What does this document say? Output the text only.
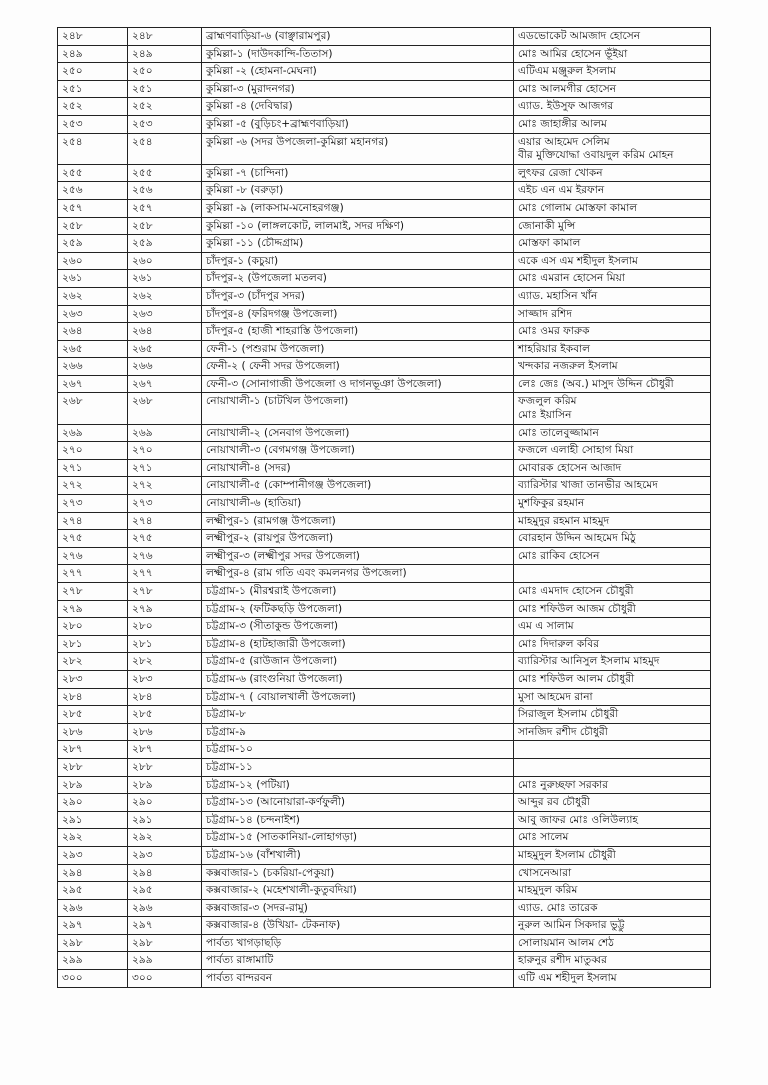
২৪৮	২৪৮	ব্রাহ্মণবাড়িয়া-৬ (বাঞ্ছারামপুর)	এডভোকেট আমজাদ হোসেন

২৪৯	২৪৯	কুমিল্লা-১ (দাউদকান্দি-তিতাস)	মোঃ আমির হোসেন ভূঁইয়া

২৫০	২৫০	কুমিল্লা -২ (হোমনা-মেঘনা)	এটিএম মঞ্জুরুল ইসলাম

২৫১	২৫১	কুমিল্লা-৩ (মুরাদনগর)	মোঃ আলমগীর হোসেন

২৫২	২৫২	কুমিল্লা -৪ (দেবিদ্বার)	এ্যাড. ইউসুফ আজগর

২৫৩	২৫৩	কুমিল্লা -৫ (বুড়িচং+ব্রাহ্মণবাড়িয়া)	মোঃ জাহাঙ্গীর আলম

২৫৪	২৫৪	কুমিল্লা -৬ (সদর উপজেলা-কুমিল্লা মহানগর)	এয়ার আহমেদ সেলিম
বীর মুক্তিযোদ্ধা ওবায়দুল করিম মোহন

২৫৫	২৫৫	কুমিল্লা -৭ (চান্দিনা)	লুৎফর রেজা খোকন

২৫৬	২৫৬	কুমিল্লা -৮ (বরুড়া)	এইচ এন এম ইরফান

২৫৭	২৫৭	কুমিল্লা -৯ (লাকসাম-মনোহরগঞ্জ)	মোঃ গোলাম মোস্তফা কামাল

২৫৮	২৫৮	কুমিল্লা -১০ (লাঙ্গলকোট, লালমাই, সদর দক্ষিণ)	জোনাকী মুন্সি

২৫৯	২৫৯	কুমিল্লা -১১ (চৌদ্দগ্রাম)	মোস্তফা কামাল

২৬০	২৬০	চাঁদপুর-১ (কচুয়া)	একে এস এম শহীদুল ইসলাম

২৬১	২৬১	চাঁদপুর-২ (উপজেলা মতলব)	মোঃ এমরান হোসেন মিয়া

২৬২	২৬২	চাঁদপুর-৩ (চাঁদপুর সদর)	এ্যাড. মহাসিন খাঁন

২৬৩	২৬৩	চাঁদপুর-৪ (ফরিদগঞ্জ উপজেলা)	সাজ্জাদ রশিদ

২৬৪	২৬৪	চাঁদপুর-৫ (হাজী শাহরাস্তি উপজেলা)	মোঃ ওমর ফারুক

২৬৫	২৬৫	ফেনী-১ (পশুরাম উপজেলা)	শাহরিয়ার ইকবাল

২৬৬	২৬৬	ফেনী-২ ( ফেনী সদর উপজেলা)	খন্দকার নজরুল ইসলাম

২৬৭	২৬৭	ফেনী-৩ (সোনাগাজী উপজেলা ও দাগনভূঞা উপজেলা)	লেঃ জেঃ (অব.) মাসুদ উদ্দিন চৌধুরী

২৬৮	২৬৮	নোয়াখালী-১ (চাটখিল উপজেলা)	ফজলুল করিম
মোঃ ইয়াসিন

২৬৯	২৬৯	নোয়াখালী-২ (সেনবাগ উপজেলা)	মোঃ তালেবুজ্জামান

২৭০	২৭০	নোয়াখালী-৩ (বেগমগঞ্জ উপজেলা)	ফজলে এলাহী সোহাগ মিয়া

২৭১	২৭১	নোয়াখালী-৪ (সদর)	মোবারক হোসেন আজাদ

২৭২	২৭২	নোয়াখালী-৫ (কোম্পানীগঞ্জ উপজেলা)	ব্যারিস্টার খাজা তানভীর আহমেদ

২৭৩	২৭৩	নোয়াখালী-৬ (হাতিয়া)	মুশফিকুর রহমান

২৭৪	২৭৪	লক্ষ্মীপুর-১ (রামগঞ্জ উপজেলা)	মাহমুদুর রহমান মাহমুদ

২৭৫	২৭৫	লক্ষ্মীপুর-২ (রায়পুর উপজেলা)	বোরহান উদ্দিন আহমেদ মিঠু

২৭৬	২৭৬	লক্ষ্মীপুর-৩ (লক্ষ্মীপুর সদর উপজেলা)	মোঃ রাকিব হোসেন

২৭৭	২৭৭	লক্ষ্মীপুর-৪ (রাম গতি এবং কমলনগর উপজেলা)	

২৭৮	২৭৮	চট্টগ্রাম-১ (মীরশ্বরাই উপজেলা)	মোঃ এমদাদ হোসেন চৌধুরী

২৭৯	২৭৯	চট্টগ্রাম-২ (ফটিকছড়ি উপজেলা)	মোঃ শফিউল আজম চৌধুরী

২৮০	২৮০	চট্টগ্রাম-৩ (সীতাকুন্ড উপজেলা)	এম এ সালাম

২৮১	২৮১	চট্টগ্রাম-৪ (হাটহাজারী উপজেলা)	মোঃ দিদারুল কবির

২৮২	২৮২	চট্টগ্রাম-৫ (রাউজান উপজেলা)	ব্যারিস্টার আনিসুল ইসলাম মাহমুদ

২৮৩	২৮৩	চট্টগ্রাম-৬ (রাংগুনিয়া উপজেলা)	মোঃ শফিউল আলম চৌধুরী

২৮৪	২৮৪	চট্টগ্রাম-৭ ( বোয়ালখালী উপজেলা)	মুসা আহমেদ রানা

২৮৫	২৮৫	চট্টগ্রাম-৮	সিরাজুল ইসলাম চৌধুরী

২৮৬	২৮৬	চট্টগ্রাম-৯	সানজিদ রশীদ চৌধুরী

২৮৭	২৮৭	চট্টগ্রাম-১০	

২৮৮	২৮৮	চট্টগ্রাম-১১	

২৮৯	২৮৯	চট্টগ্রাম-১২ (পটিয়া)	মোঃ নুরুচ্ছফা সরকার

২৯০	২৯০	চট্টগ্রাম-১৩ (আনোয়ারা-কর্ণফুলী)	আব্দুর রব চৌধুরী

২৯১	২৯১	চট্টগ্রাম-১৪ (চন্দনাইশ)	আবু জাফর মোঃ ওলিউল্যাহ

২৯২	২৯২	চট্টগ্রাম-১৫ (সাতকানিয়া-লোহাগড়া)	মোঃ সালেম

২৯৩	২৯৩	চট্টগ্রাম-১৬ (বাঁশখালী)	মাহমুদুল ইসলাম চৌধুরী

২৯৪	২৯৪	কক্সবাজার-১ (চকরিয়া-পেকুয়া)	খোসনেআরা

২৯৫	২৯৫	কক্সবাজার-২ (মহেশখালী-কুতুবদিয়া)	মাহমুদুল করিম

২৯৬	২৯৬	কক্সবাজার-৩ (সদর-রামু)	এ্যাড. মোঃ তারেক

২৯৭	২৯৭	কক্সবাজার-৪ (উখিয়া- টেকনাফ)	নুরুল আমিন সিকদার ভুট্টু

২৯৮	২৯৮	পার্বত্য খাগড়াছড়ি	সোলায়মান আলম শেঠ

২৯৯	২৯৯	পার্বত্য রাঙ্গামাটি	হারুনুর রশীদ মাতুব্বর

৩০০	৩০০	পার্বত্য বান্দরবন	এটি এম শহীদুল ইসলাম
